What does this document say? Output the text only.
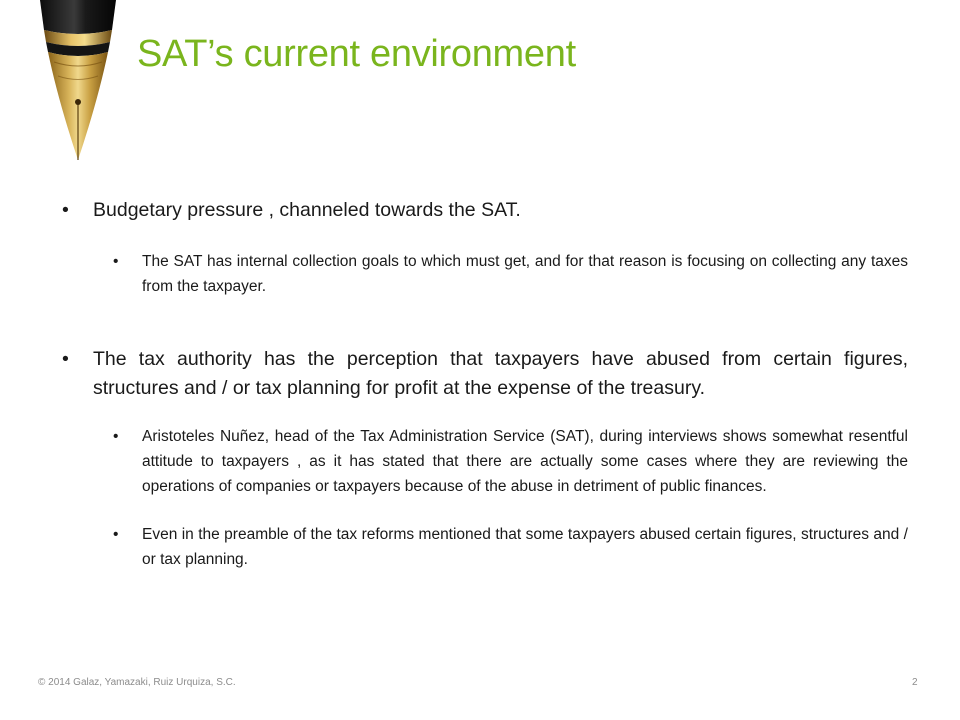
SAT’s current environment
• Budgetary pressure , channeled towards the SAT.
• The SAT has internal collection goals to which must get, and for that reason is focusing on collecting any taxes from the taxpayer.
• The tax authority has the perception that taxpayers have abused from certain figures, structures and / or tax planning for profit at the expense of the treasury.
• Aristoteles Nuñez, head of the Tax Administration Service (SAT), during interviews shows somewhat resentful attitude to taxpayers , as it has stated that there are actually some cases where they are reviewing the operations of companies or taxpayers because of the abuse in detriment of public finances.
• Even in the preamble of the tax reforms mentioned that some taxpayers abused certain figures, structures and / or tax planning.
© 2014 Galaz, Yamazaki, Ruiz Urquiza, S.C.	2
